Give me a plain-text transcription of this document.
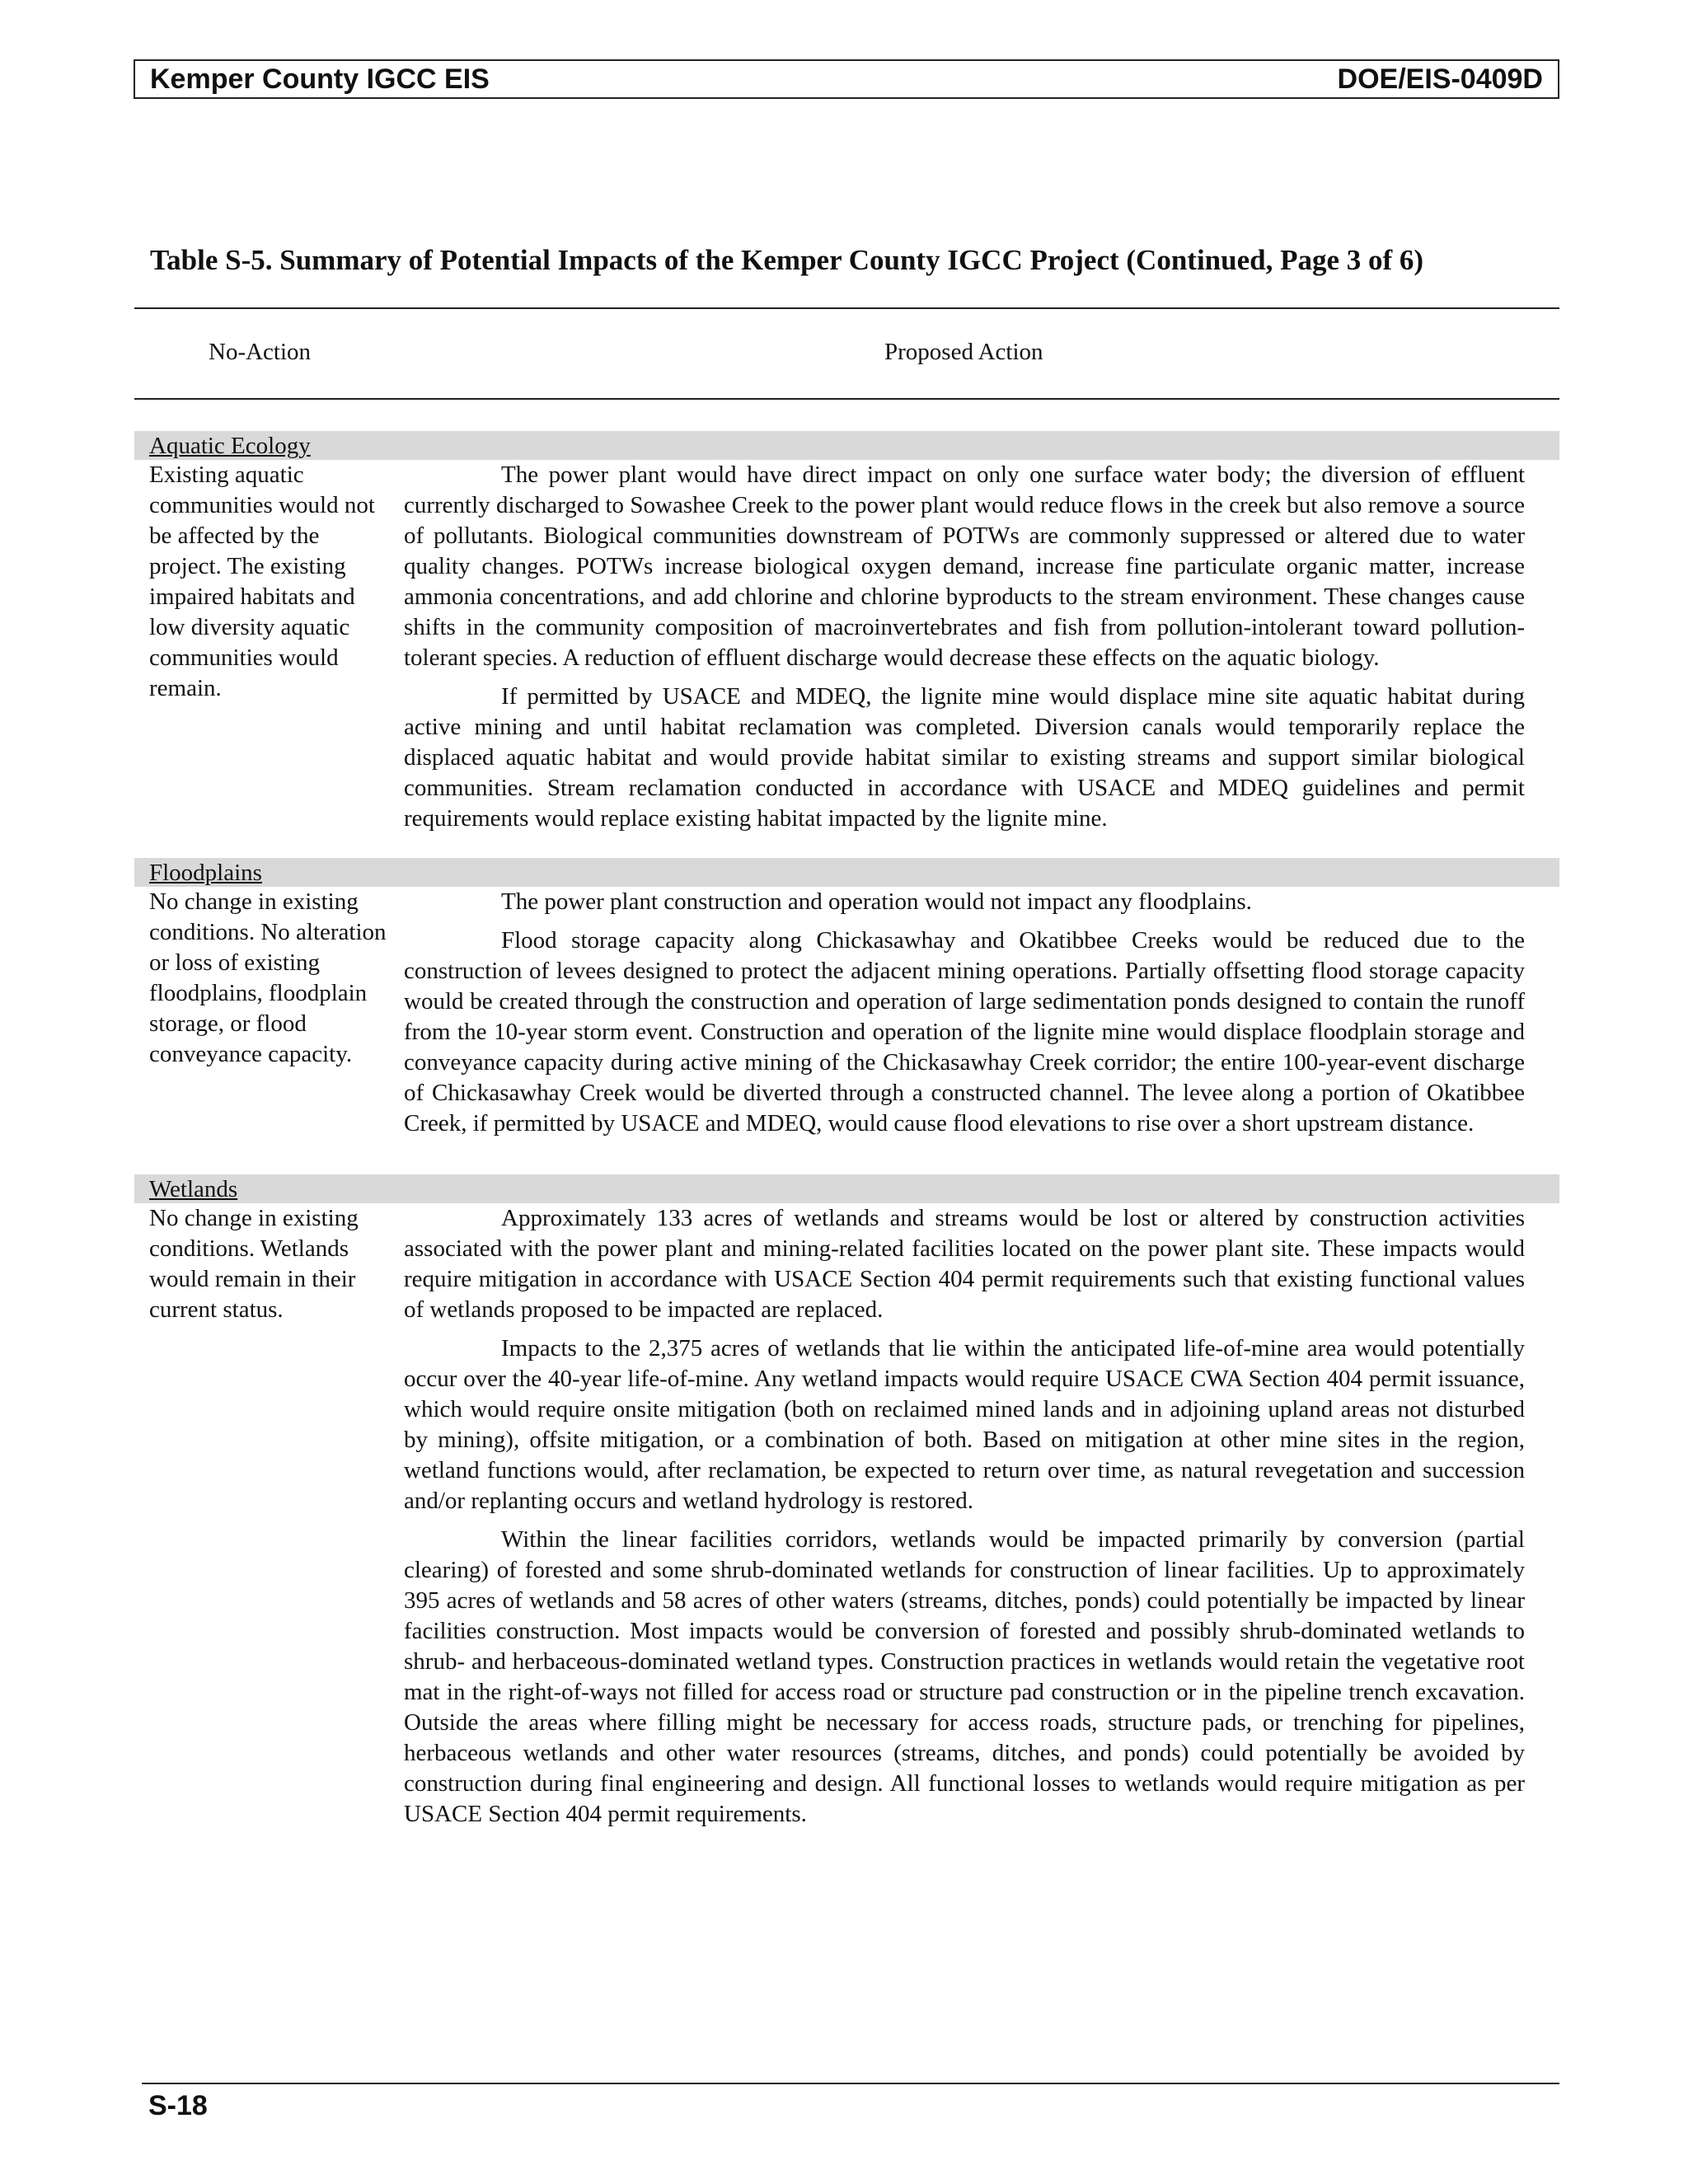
Kemper County IGCC EIS	DOE/EIS-0409D
Table S-5. Summary of Potential Impacts of the Kemper County IGCC Project (Continued, Page 3 of 6)
No-Action	Proposed Action
Aquatic Ecology
Existing aquatic communities would not be affected by the project. The existing impaired habitats and low diversity aquatic communities would remain.

The power plant would have direct impact on only one surface water body; the diversion of effluent currently discharged to Sowashee Creek to the power plant would reduce flows in the creek but also remove a source of pollutants. Biological communities downstream of POTWs are commonly suppressed or altered due to water quality changes. POTWs increase biological oxygen demand, increase fine particulate organic matter, increase ammonia concentrations, and add chlorine and chlorine byproducts to the stream environment. These changes cause shifts in the community composition of macroinvertebrates and fish from pollution-intolerant toward pollution-tolerant species. A reduction of effluent discharge would decrease these effects on the aquatic biology.

If permitted by USACE and MDEQ, the lignite mine would displace mine site aquatic habitat during active mining and until habitat reclamation was completed. Diversion canals would temporarily replace the displaced aquatic habitat and would provide habitat similar to existing streams and support similar biological communities. Stream reclamation conducted in accordance with USACE and MDEQ guidelines and permit requirements would replace existing habitat impacted by the lignite mine.

Floodplains
No change in existing conditions. No alteration or loss of existing floodplains, floodplain storage, or flood conveyance capacity.

The power plant construction and operation would not impact any floodplains.

Flood storage capacity along Chickasawhay and Okatibbee Creeks would be reduced due to the construction of levees designed to protect the adjacent mining operations. Partially offsetting flood storage capacity would be created through the construction and operation of large sedimentation ponds designed to contain the runoff from the 10-year storm event. Construction and operation of the lignite mine would displace floodplain storage and conveyance capacity during active mining of the Chickasawhay Creek corridor; the entire 100-year-event discharge of Chickasawhay Creek would be diverted through a constructed channel. The levee along a portion of Okatibbee Creek, if permitted by USACE and MDEQ, would cause flood elevations to rise over a short upstream distance.

Wetlands
No change in existing conditions. Wetlands would remain in their current status.

Approximately 133 acres of wetlands and streams would be lost or altered by construction activities associated with the power plant and mining-related facilities located on the power plant site. These impacts would require mitigation in accordance with USACE Section 404 permit requirements such that existing functional values of wetlands proposed to be impacted are replaced.

Impacts to the 2,375 acres of wetlands that lie within the anticipated life-of-mine area would potentially occur over the 40-year life-of-mine. Any wetland impacts would require USACE CWA Section 404 permit issuance, which would require onsite mitigation (both on reclaimed mined lands and in adjoining upland areas not disturbed by mining), offsite mitigation, or a combination of both. Based on mitigation at other mine sites in the region, wetland functions would, after reclamation, be expected to return over time, as natural revegetation and succession and/or replanting occurs and wetland hydrology is restored.

Within the linear facilities corridors, wetlands would be impacted primarily by conversion (partial clearing) of forested and some shrub-dominated wetlands for construction of linear facilities. Up to approximately 395 acres of wetlands and 58 acres of other waters (streams, ditches, ponds) could potentially be impacted by linear facilities construction. Most impacts would be conversion of forested and possibly shrub-dominated wetlands to shrub- and herbaceous-dominated wetland types. Construction practices in wetlands would retain the vegetative root mat in the right-of-ways not filled for access road or structure pad construction or in the pipeline trench excavation. Outside the areas where filling might be necessary for access roads, structure pads, or trenching for pipelines, herbaceous wetlands and other water resources (streams, ditches, and ponds) could potentially be avoided by construction during final engineering and design. All functional losses to wetlands would require mitigation as per USACE Section 404 permit requirements.

S-18
